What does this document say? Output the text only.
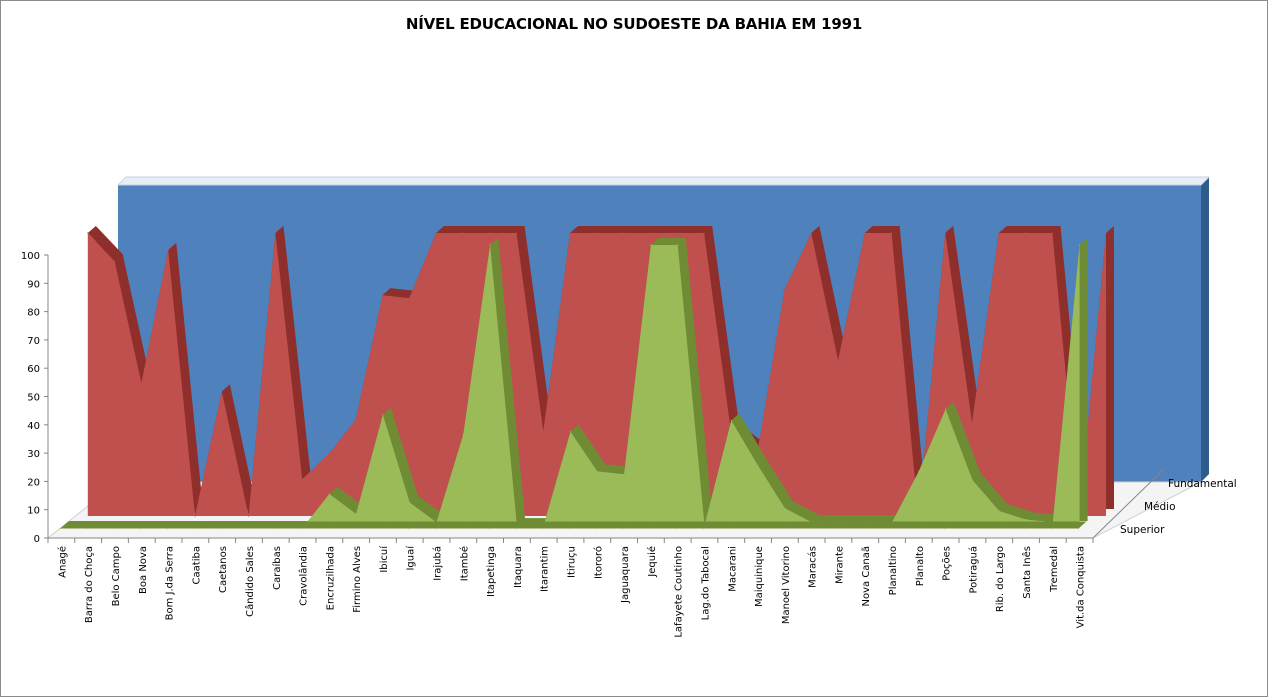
NÍVEL EDUCACIONAL NO SUDOESTE DA BAHIA EM 1991
0
10
20
30
40
50
60
70
80
90
100
Anagé Barra do Choça Belo Campo Boa Nova Bom J.da Serra Caatiba Caetanos Cândido Sales Caraíbas Cravolândia Encruzilhada Firmino Alves Ibicuí Iguaí Irajubá Itambé Itapetinga Itaquara Itarantim Itiruçu Itororó Jaguaquara Jequié Lafayete Coutinho Lag.do Tabocal Macarani Maiquinique Manoel Vitorino Maracás Mirante Nova Canaã Planaltino Planalto Poções Potiraguá Rib. do Largo Santa Inês Tremedal Vit.da Conquista
Fundamental
Médio
Superior
